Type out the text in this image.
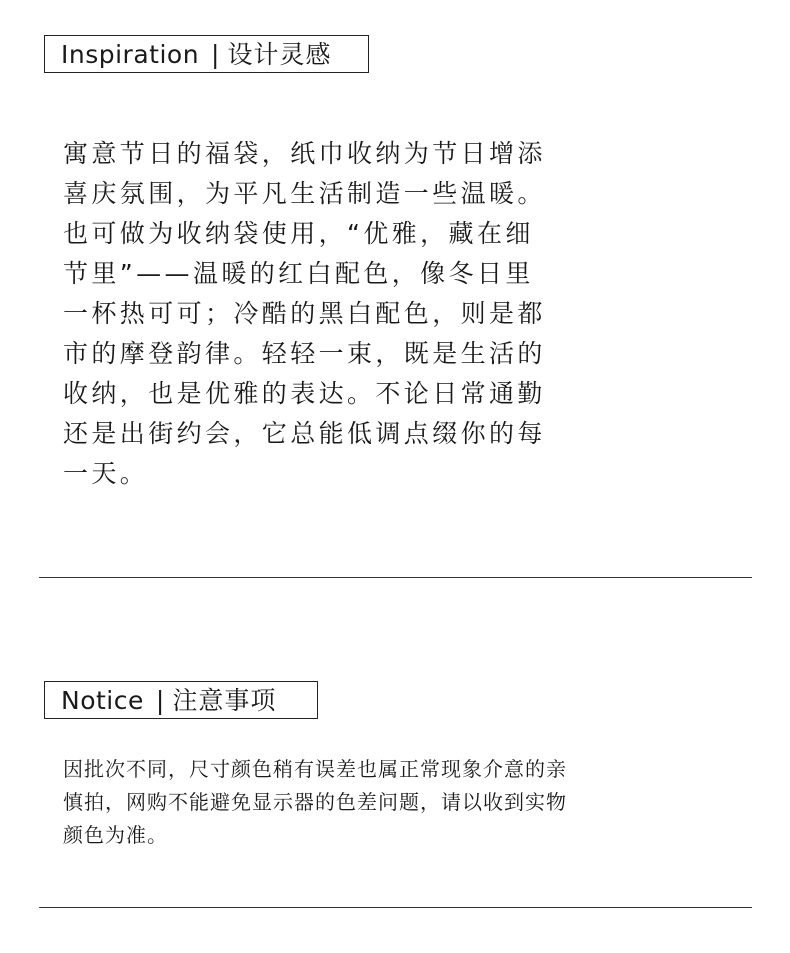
Inspiration | 设计灵感
寓意节日的福袋，纸巾收纳为节日增添
喜庆氛围，为平凡生活制造一些温暖。
也可做为收纳袋使用，“优雅，藏在细
节里”——温暖的红白配色，像冬日里
一杯热可可；冷酷的黑白配色，则是都
市的摩登韵律。轻轻一束，既是生活的
收纳，也是优雅的表达。不论日常通勤
还是出街约会，它总能低调点缀你的每
一天。
Notice | 注意事项
因批次不同，尺寸颜色稍有误差也属正常现象介意的亲
慎拍，网购不能避免显示器的色差问题，请以收到实物
颜色为准。
